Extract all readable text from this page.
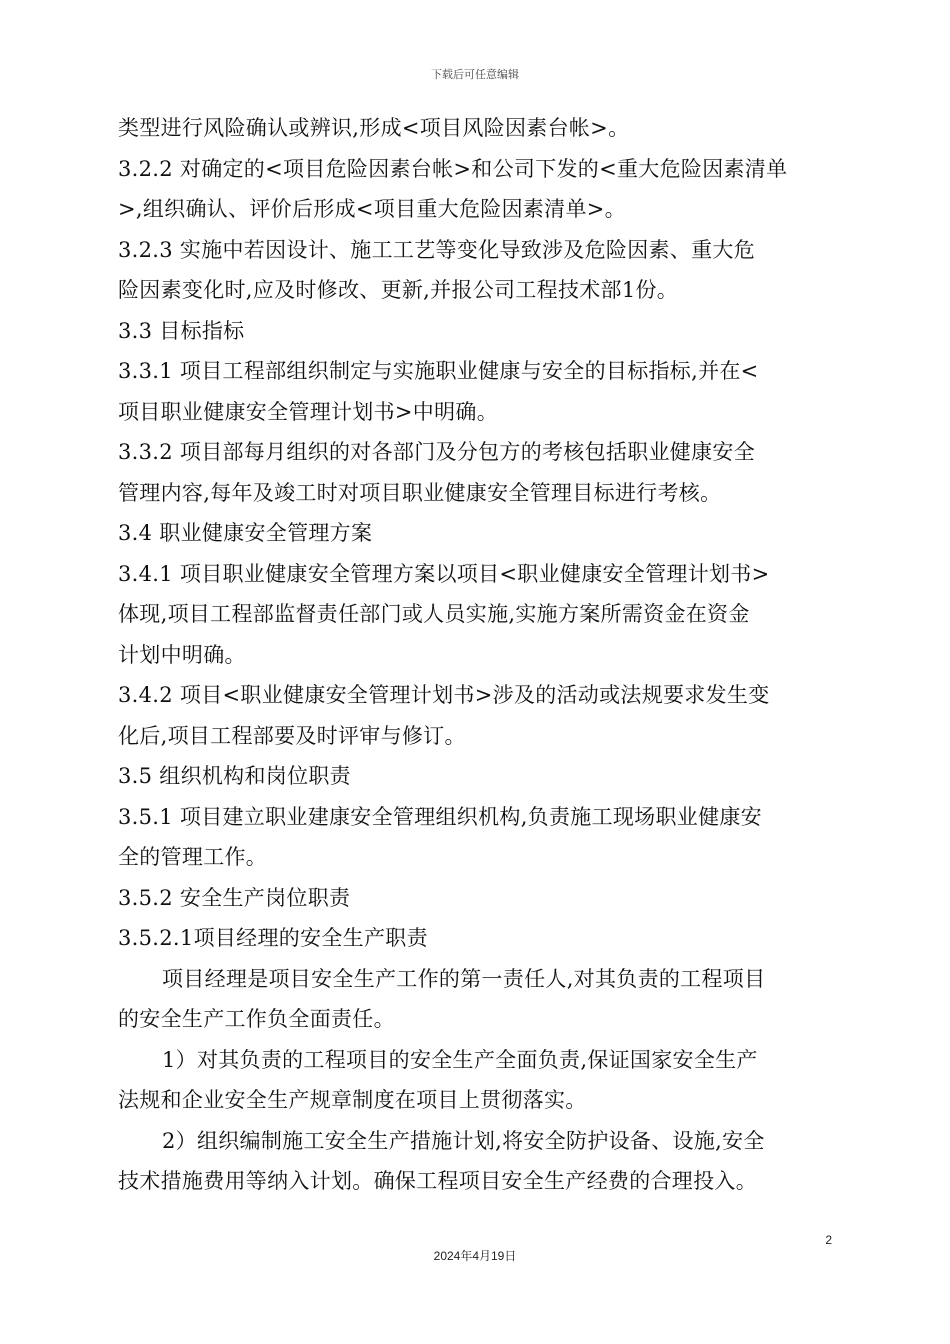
下载后可任意编辑
类型进行风险确认或辨识,形成<项目风险因素台帐>。
3.2.2 对确定的<项目危险因素台帐>和公司下发的<重大危险因素清单
>,组织确认、评价后形成<项目重大危险因素清单>。
3.2.3 实施中若因设计、施工工艺等变化导致涉及危险因素、重大危
险因素变化时,应及时修改、更新,并报公司工程技术部1份。
3.3 目标指标
3.3.1 项目工程部组织制定与实施职业健康与安全的目标指标,并在<
项目职业健康安全管理计划书>中明确。
3.3.2 项目部每月组织的对各部门及分包方的考核包括职业健康安全
管理内容,每年及竣工时对项目职业健康安全管理目标进行考核。
3.4 职业健康安全管理方案
3.4.1 项目职业健康安全管理方案以项目<职业健康安全管理计划书>
体现,项目工程部监督责任部门或人员实施,实施方案所需资金在资金
计划中明确。
3.4.2 项目<职业健康安全管理计划书>涉及的活动或法规要求发生变
化后,项目工程部要及时评审与修订。
3.5 组织机构和岗位职责
3.5.1 项目建立职业建康安全管理组织机构,负责施工现场职业健康安
全的管理工作。
3.5.2 安全生产岗位职责
3.5.2.1项目经理的安全生产职责
项目经理是项目安全生产工作的第一责任人,对其负责的工程项目
的安全生产工作负全面责任。
1）对其负责的工程项目的安全生产全面负责,保证国家安全生产
法规和企业安全生产规章制度在项目上贯彻落实。
2）组织编制施工安全生产措施计划,将安全防护设备、设施,安全
技术措施费用等纳入计划。确保工程项目安全生产经费的合理投入。
2
2024年4月19日
